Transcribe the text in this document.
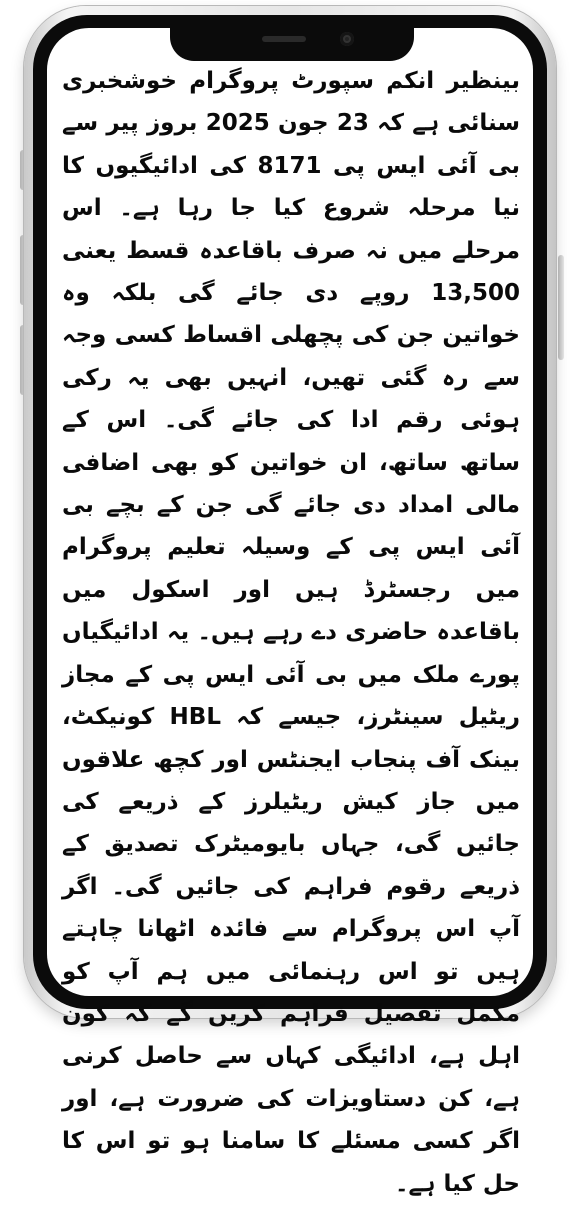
بینظیر انکم سپورٹ پروگرام خوشخبری سنائی ہے کہ 23 جون 2025 بروز پیر سے بی آئی ایس پی 8171 کی ادائیگیوں کا نیا مرحلہ شروع کیا جا رہا ہے۔ اس مرحلے میں نہ صرف باقاعدہ قسط یعنی 13,500 روپے دی جائے گی بلکہ وہ خواتین جن کی پچھلی اقساط کسی وجہ سے رہ گئی تھیں، انہیں بھی یہ رکی ہوئی رقم ادا کی جائے گی۔ اس کے ساتھ ساتھ، ان خواتین کو بھی اضافی مالی امداد دی جائے گی جن کے بچے بی آئی ایس پی کے وسیلہ تعلیم پروگرام میں رجسٹرڈ ہیں اور اسکول میں باقاعدہ حاضری دے رہے ہیں۔ یہ ادائیگیاں پورے ملک میں بی آئی ایس پی کے مجاز ریٹیل سینٹرز، جیسے کہ HBL کونیکٹ، بینک آف پنجاب ایجنٹس اور کچھ علاقوں میں جاز کیش ریٹیلرز کے ذریعے کی جائیں گی، جہاں بایومیٹرک تصدیق کے ذریعے رقوم فراہم کی جائیں گی۔ اگر آپ اس پروگرام سے فائدہ اٹھانا چاہتے ہیں تو اس رہنمائی میں ہم آپ کو مکمل تفصیل فراہم کریں گے کہ کون اہل ہے، ادائیگی کہاں سے حاصل کرنی ہے، کن دستاویزات کی ضرورت ہے، اور اگر کسی مسئلے کا سامنا ہو تو اس کا حل کیا ہے۔
